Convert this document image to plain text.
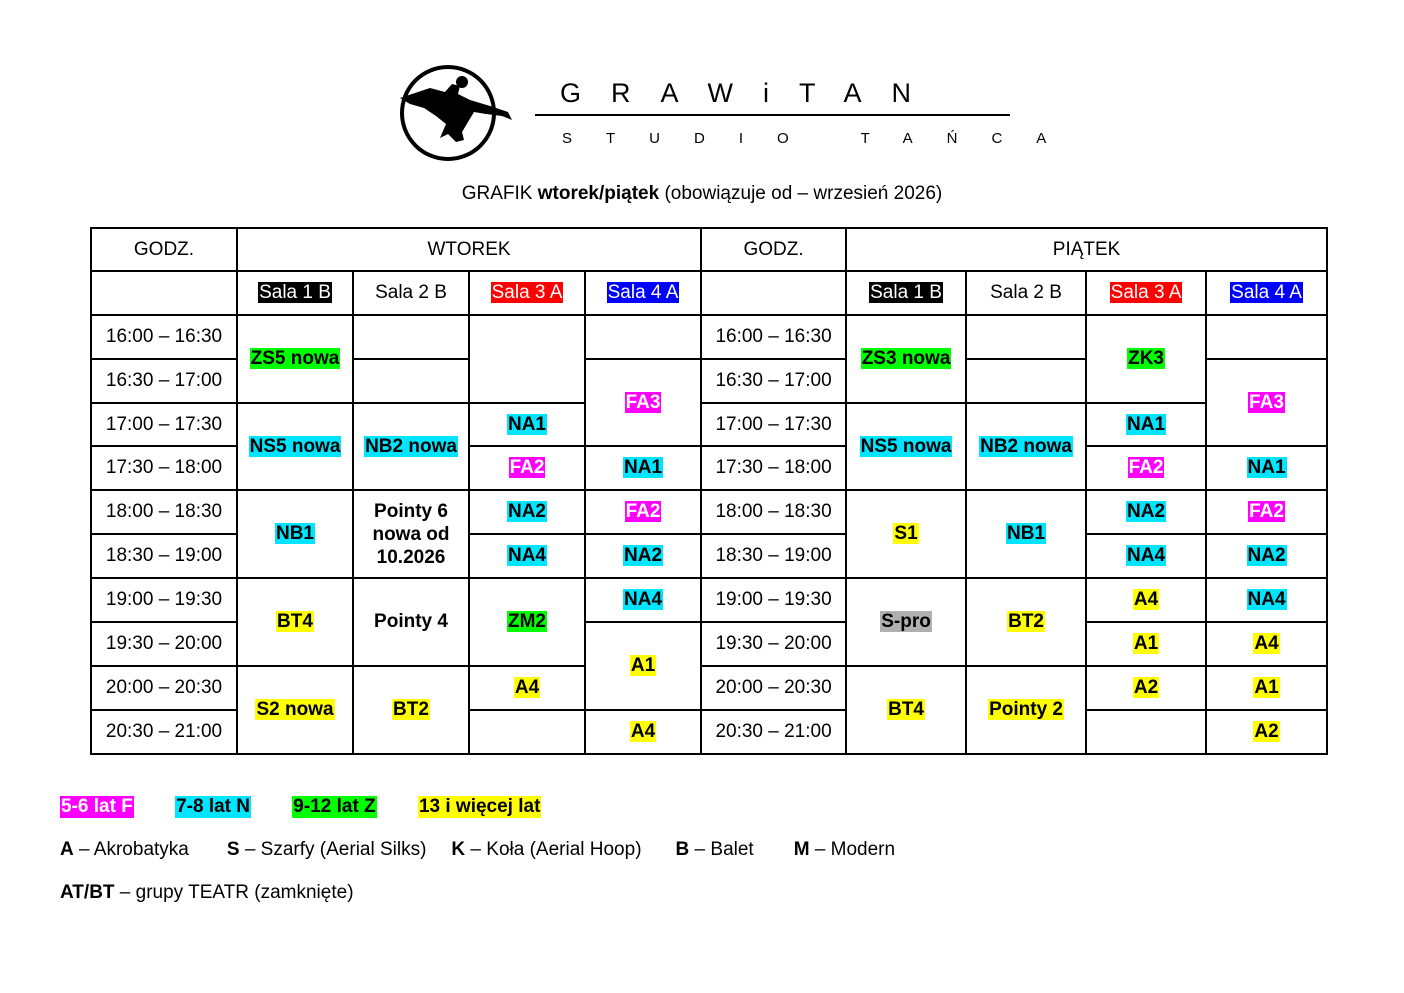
GRAWiTAN
STUDIO TAŃCA
GRAFIK wtorek/piątek (obowiązuje od – wrzesień 2026)
GODZ.	WTOREK				GODZ.	PIĄTEK			
	Sala 1 B	Sala 2 B	Sala 3 A	Sala 4 A		Sala 1 B	Sala 2 B	Sala 3 A	Sala 4 A
16:00 – 16:30	ZS5 nowa				16:00 – 16:30	ZS3 nowa		ZK3	
16:30 – 17:00				FA3	16:30 – 17:00				FA3
17:00 – 17:30	NS5 nowa	NB2 nowa	NA1		17:00 – 17:30	NS5 nowa	NB2 nowa	NA1	
17:30 – 18:00			FA2	NA1	17:30 – 18:00			FA2	NA1
18:00 – 18:30	NB1	Pointy 6 nowa od 10.2026	NA2	FA2	18:00 – 18:30	S1	NB1	NA2	FA2
18:30 – 19:00			NA4	NA2	18:30 – 19:00			NA4	NA2
19:00 – 19:30	BT4	Pointy 4	ZM2	NA4	19:00 – 19:30	S-pro	BT2	A4	NA4
19:30 – 20:00				A1	19:30 – 20:00			A1	A4
20:00 – 20:30	S2 nowa	BT2	A4		20:00 – 20:30	BT4	Pointy 2	A2	A1
20:30 – 21:00				A4	20:30 – 21:00				A2
5-6 lat F 7-8 lat N 9-12 lat Z 13 i więcej lat
A – Akrobatyka S – Szarfy (Aerial Silks) K – Koła (Aerial Hoop) B – Balet M – Modern
AT/BT – grupy TEATR (zamknięte)
